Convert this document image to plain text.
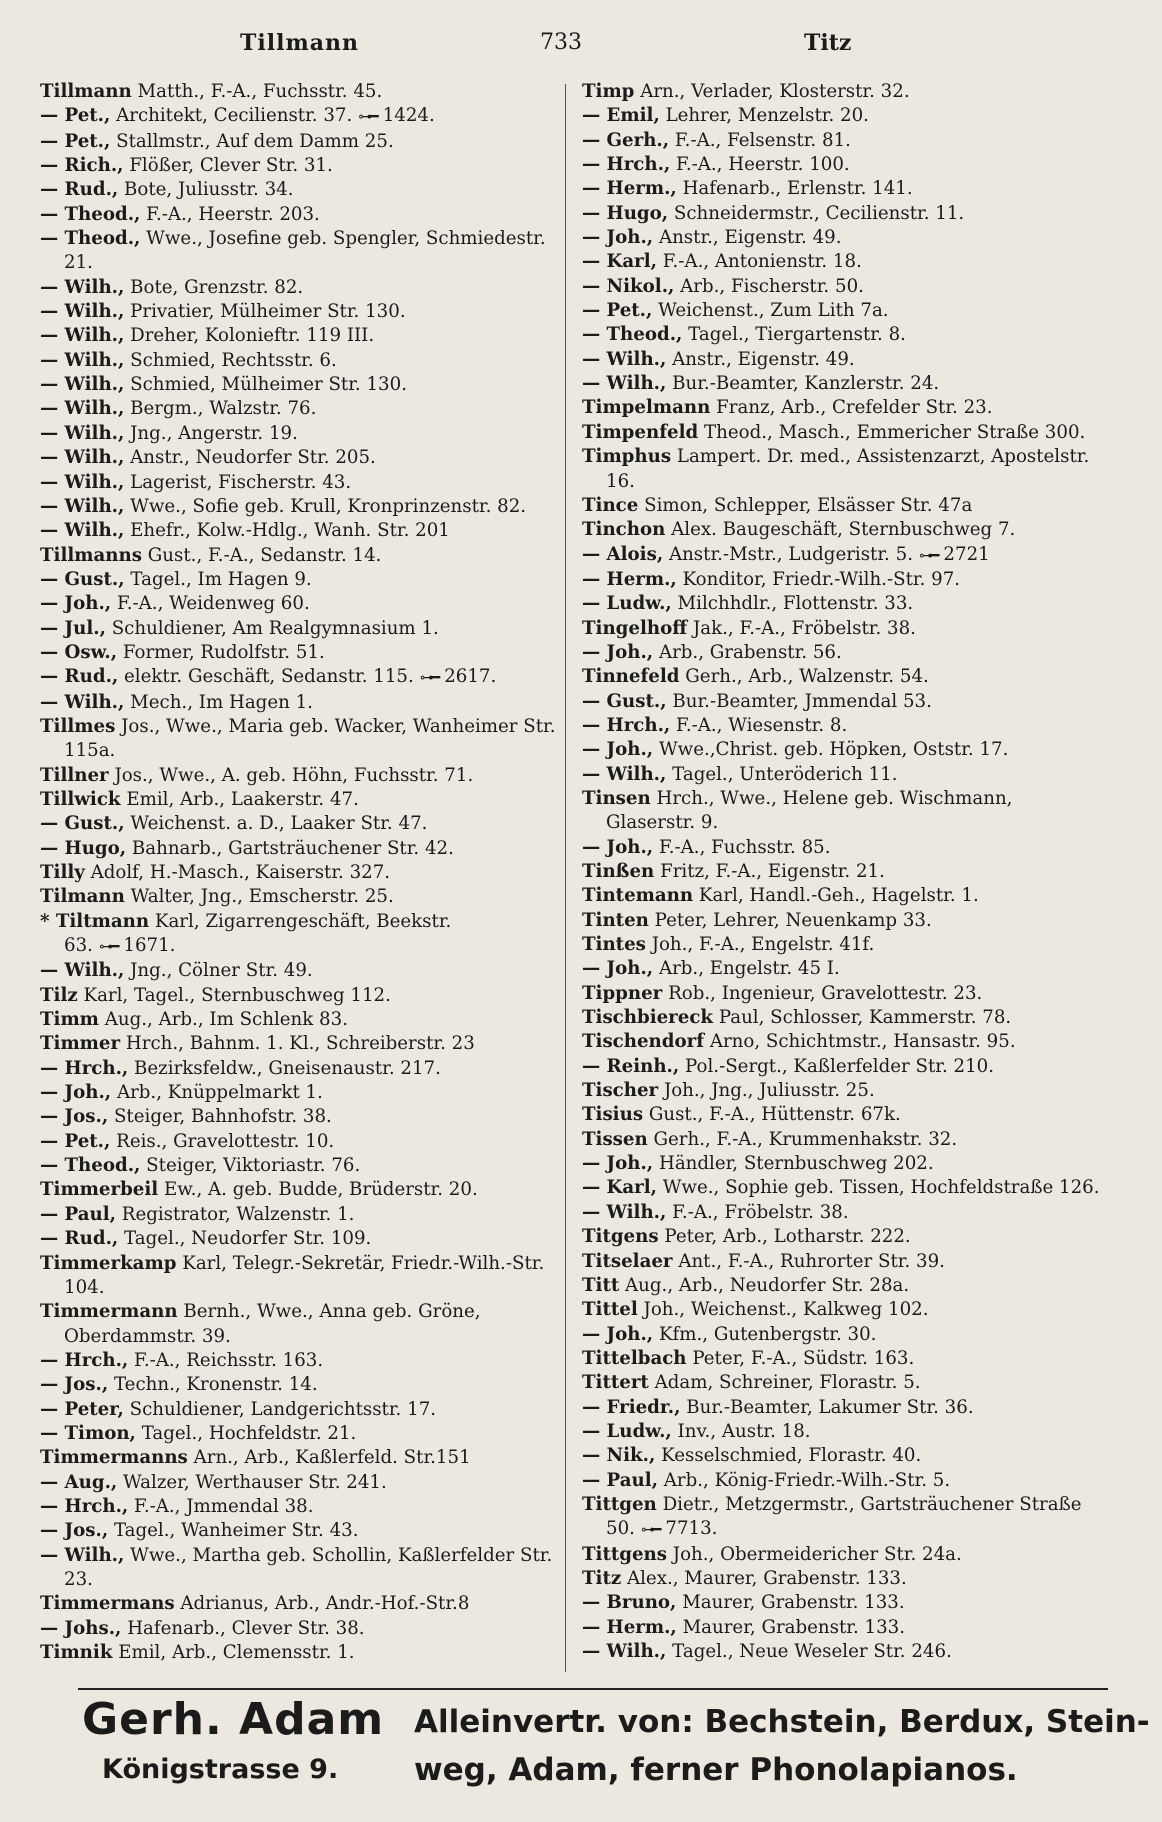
Tillmann	733	Titz
Tillmann Matth., F.-A., Fuchsstr. 45.
— Pet., Architekt, Cecilienstr. 37. ⊶━ 1424.
— Pet., Stallmstr., Auf dem Damm 25.
— Rich., Flößer, Clever Str. 31.
— Rud., Bote, Juliusstr. 34.
— Theod., F.-A., Heerstr. 203.
— Theod., Wwe., Josefine geb. Spengler, Schmiedestr. 21.
— Wilh., Bote, Grenzstr. 82.
— Wilh., Privatier, Mülheimer Str. 130.
— Wilh., Dreher, Kolonieftr. 119 III.
— Wilh., Schmied, Rechtsstr. 6.
— Wilh., Schmied, Mülheimer Str. 130.
— Wilh., Bergm., Walzstr. 76.
— Wilh., Jng., Angerstr. 19.
— Wilh., Anstr., Neudorfer Str. 205.
— Wilh., Lagerist, Fischerstr. 43.
— Wilh., Wwe., Sofie geb. Krull, Kronprinzenstr. 82.
— Wilh., Ehefr., Kolw.-Hdlg., Wanh. Str. 201
Tillmanns Gust., F.-A., Sedanstr. 14.
— Gust., Tagel., Im Hagen 9.
— Joh., F.-A., Weidenweg 60.
— Jul., Schuldiener, Am Realgymnasium 1.
— Osw., Former, Rudolfstr. 51.
— Rud., elektr. Geschäft, Sedanstr. 115. ⊶━ 2617.
— Wilh., Mech., Im Hagen 1.
Tillmes Jos., Wwe., Maria geb. Wacker, Wanheimer Str. 115a.
Tillner Jos., Wwe., A. geb. Höhn, Fuchsstr. 71.
Tillwick Emil, Arb., Laakerstr. 47.
— Gust., Weichenst. a. D., Laaker Str. 47.
— Hugo, Bahnarb., Gartsträuchener Str. 42.
Tilly Adolf, H.-Masch., Kaiserstr. 327.
Tilmann Walter, Jng., Emscherstr. 25.
* Tiltmann Karl, Zigarrengeschäft, Beekstr. 63. ⊶━ 1671.
— Wilh., Jng., Cölner Str. 49.
Tilz Karl, Tagel., Sternbuschweg 112.
Timm Aug., Arb., Im Schlenk 83.
Timmer Hrch., Bahnm. 1. Kl., Schreiberstr. 23
— Hrch., Bezirksfeldw., Gneisenaustr. 217.
— Joh., Arb., Knüppelmarkt 1.
— Jos., Steiger, Bahnhofstr. 38.
— Pet., Reis., Gravelottestr. 10.
— Theod., Steiger, Viktoriastr. 76.
Timmerbeil Ew., A. geb. Budde, Brüderstr. 20.
— Paul, Registrator, Walzenstr. 1.
— Rud., Tagel., Neudorfer Str. 109.
Timmerkamp Karl, Telegr.-Sekretär, Friedr.-Wilh.-Str. 104.
Timmermann Bernh., Wwe., Anna geb. Gröne, Oberdammstr. 39.
— Hrch., F.-A., Reichsstr. 163.
— Jos., Techn., Kronenstr. 14.
— Peter, Schuldiener, Landgerichtsstr. 17.
— Timon, Tagel., Hochfeldstr. 21.
Timmermanns Arn., Arb., Kaßlerfeld. Str.151
— Aug., Walzer, Werthauser Str. 241.
— Hrch., F.-A., Jmmendal 38.
— Jos., Tagel., Wanheimer Str. 43.
— Wilh., Wwe., Martha geb. Schollin, Kaßlerfelder Str. 23.
Timmermans Adrianus, Arb., Andr.-Hof.-Str.8
— Johs., Hafenarb., Clever Str. 38.
Timnik Emil, Arb., Clemensstr. 1.
Timp Arn., Verlader, Klosterstr. 32.
— Emil, Lehrer, Menzelstr. 20.
— Gerh., F.-A., Felsenstr. 81.
— Hrch., F.-A., Heerstr. 100.
— Herm., Hafenarb., Erlenstr. 141.
— Hugo, Schneidermstr., Cecilienstr. 11.
— Joh., Anstr., Eigenstr. 49.
— Karl, F.-A., Antonienstr. 18.
— Nikol., Arb., Fischerstr. 50.
— Pet., Weichenst., Zum Lith 7a.
— Theod., Tagel., Tiergartenstr. 8.
— Wilh., Anstr., Eigenstr. 49.
— Wilh., Bur.-Beamter, Kanzlerstr. 24.
Timpelmann Franz, Arb., Crefelder Str. 23.
Timpenfeld Theod., Masch., Emmericher Straße 300.
Timphus Lampert. Dr. med., Assistenzarzt, Apostelstr. 16.
Tince Simon, Schlepper, Elsässer Str. 47a
Tinchon Alex. Baugeschäft, Sternbuschweg 7.
— Alois, Anstr.-Mstr., Ludgeristr. 5. ⊶━ 2721
— Herm., Konditor, Friedr.-Wilh.-Str. 97.
— Ludw., Milchhdlr., Flottenstr. 33.
Tingelhoff Jak., F.-A., Fröbelstr. 38.
— Joh., Arb., Grabenstr. 56.
Tinnefeld Gerh., Arb., Walzenstr. 54.
— Gust., Bur.-Beamter, Jmmendal 53.
— Hrch., F.-A., Wiesenstr. 8.
— Joh., Wwe.,Christ. geb. Höpken, Oststr. 17.
— Wilh., Tagel., Unteröderich 11.
Tinsen Hrch., Wwe., Helene geb. Wischmann, Glaserstr. 9.
— Joh., F.-A., Fuchsstr. 85.
Tinßen Fritz, F.-A., Eigenstr. 21.
Tintemann Karl, Handl.-Geh., Hagelstr. 1.
Tinten Peter, Lehrer, Neuenkamp 33.
Tintes Joh., F.-A., Engelstr. 41f.
— Joh., Arb., Engelstr. 45 I.
Tippner Rob., Ingenieur, Gravelottestr. 23.
Tischbiereck Paul, Schlosser, Kammerstr. 78.
Tischendorf Arno, Schichtmstr., Hansastr. 95.
— Reinh., Pol.-Sergt., Kaßlerfelder Str. 210.
Tischer Joh., Jng., Juliusstr. 25.
Tisius Gust., F.-A., Hüttenstr. 67k.
Tissen Gerh., F.-A., Krummenhakstr. 32.
— Joh., Händler, Sternbuschweg 202.
— Karl, Wwe., Sophie geb. Tissen, Hochfeldstraße 126.
— Wilh., F.-A., Fröbelstr. 38.
Titgens Peter, Arb., Lotharstr. 222.
Titselaer Ant., F.-A., Ruhrorter Str. 39.
Titt Aug., Arb., Neudorfer Str. 28a.
Tittel Joh., Weichenst., Kalkweg 102.
— Joh., Kfm., Gutenbergstr. 30.
Tittelbach Peter, F.-A., Südstr. 163.
Tittert Adam, Schreiner, Florastr. 5.
— Friedr., Bur.-Beamter, Lakumer Str. 36.
— Ludw., Inv., Austr. 18.
— Nik., Kesselschmied, Florastr. 40.
— Paul, Arb., König-Friedr.-Wilh.-Str. 5.
Tittgen Dietr., Metzgermstr., Gartsträuchener Straße 50. ⊶━ 7713.
Tittgens Joh., Obermeidericher Str. 24a.
Titz Alex., Maurer, Grabenstr. 133.
— Bruno, Maurer, Grabenstr. 133.
— Herm., Maurer, Grabenstr. 133.
— Wilh., Tagel., Neue Weseler Str. 246.
Gerh. Adam
Königstrasse 9.
Alleinvertr. von: Bechstein, Berdux, Stein-
weg, Adam, ferner Phonolapianos.
